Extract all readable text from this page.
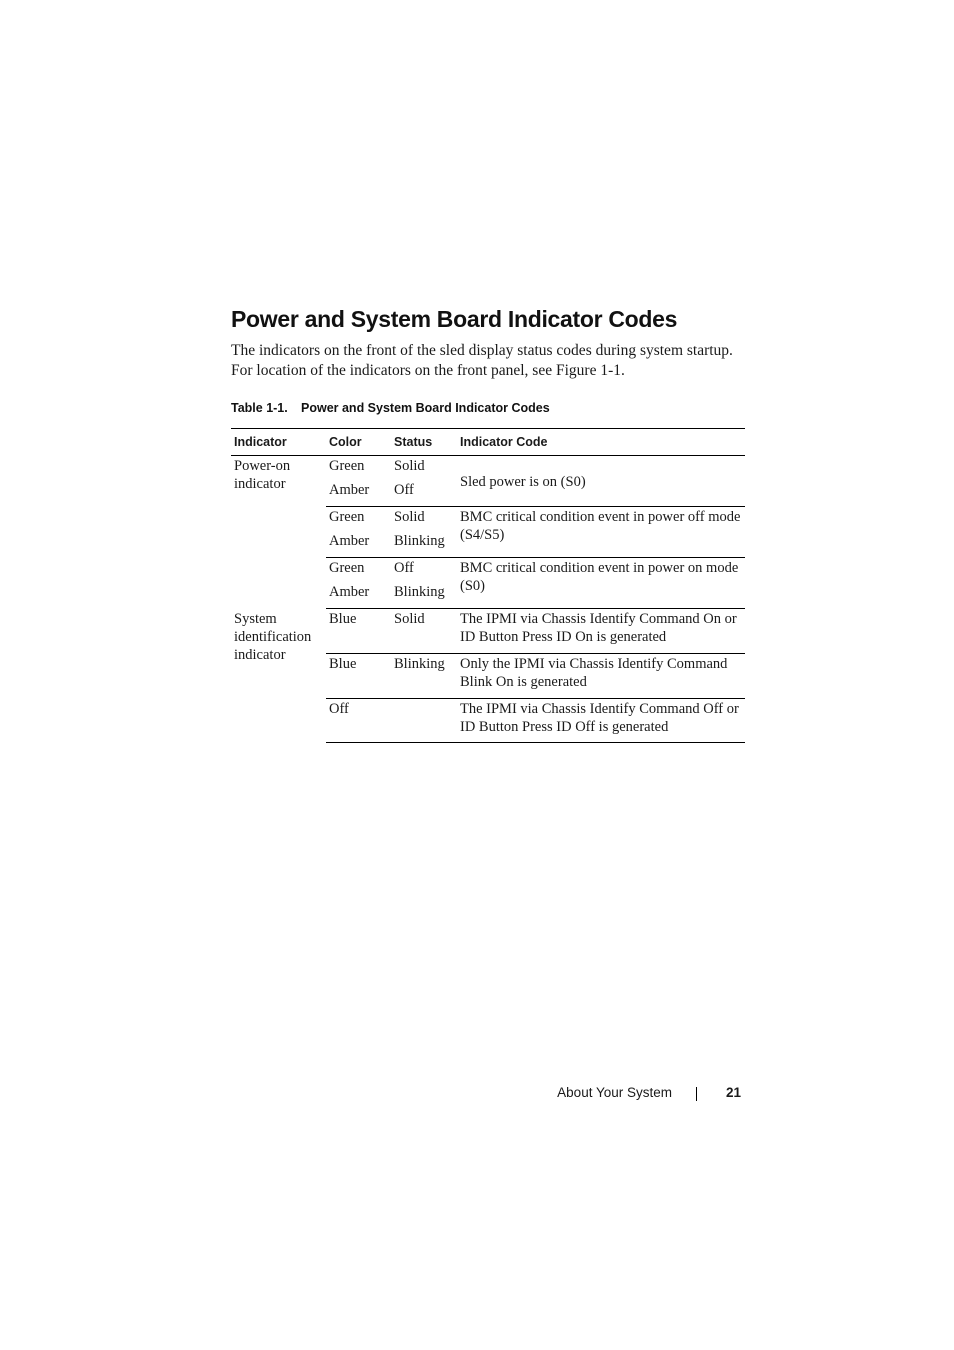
Power and System Board Indicator Codes

The indicators on the front of the sled display status codes during system startup. For location of the indicators on the front panel, see Figure 1-1.

Table 1-1. Power and System Board Indicator Codes
Indicator	Color	Status	Indicator Code
Power-on indicator	Green	Solid	Sled power is on (S0)
	Amber	Off	
	Green	Solid	BMC critical condition event in power off mode (S4/S5)
	Amber	Blinking	
	Green	Off	BMC critical condition event in power on mode (S0)
	Amber	Blinking	
System identification indicator	Blue	Solid	The IPMI via Chassis Identify Command On or ID Button Press ID On is generated
	Blue	Blinking	Only the IPMI via Chassis Identify Command Blink On is generated
	Off		The IPMI via Chassis Identify Command Off or ID Button Press ID Off is generated
About Your System	21
